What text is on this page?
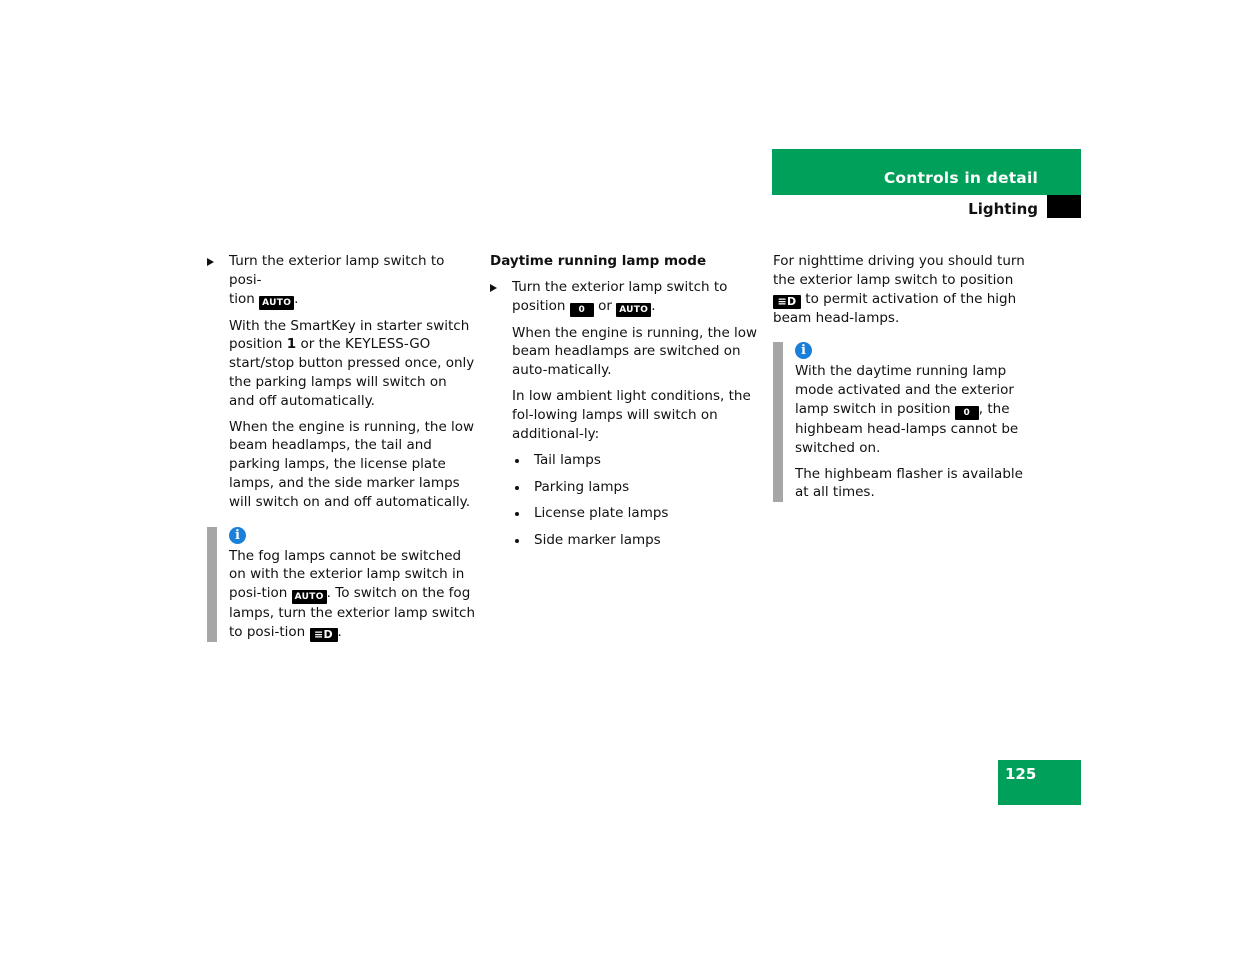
Controls in detail
Lighting

Turn the exterior lamp switch to posi-
tion AUTO .

With the SmartKey in starter switch position 1 or the KEYLESS-GO start/stop button pressed once, only the parking lamps will switch on and off automatically.

When the engine is running, the low beam headlamps, the tail and parking lamps, the license plate lamps, and the side marker lamps will switch on and off automatically.

i

The fog lamps cannot be switched on with the exterior lamp switch in posi-tion AUTO . To switch on the fog lamps, turn the exterior lamp switch to posi-tion ≡D .

Daytime running lamp mode

Turn the exterior lamp switch to
position 0 or AUTO .

When the engine is running, the low beam headlamps are switched on auto-matically.

In low ambient light conditions, the fol-lowing lamps will switch on additional-ly:

Tail lamps
Parking lamps
License plate lamps
Side marker lamps

For nighttime driving you should turn the exterior lamp switch to position ≡D to permit activation of the high beam head-lamps.

i

With the daytime running lamp mode activated and the exterior lamp switch in position 0 , the highbeam head-lamps cannot be switched on.

The highbeam flasher is available at all times.

125
